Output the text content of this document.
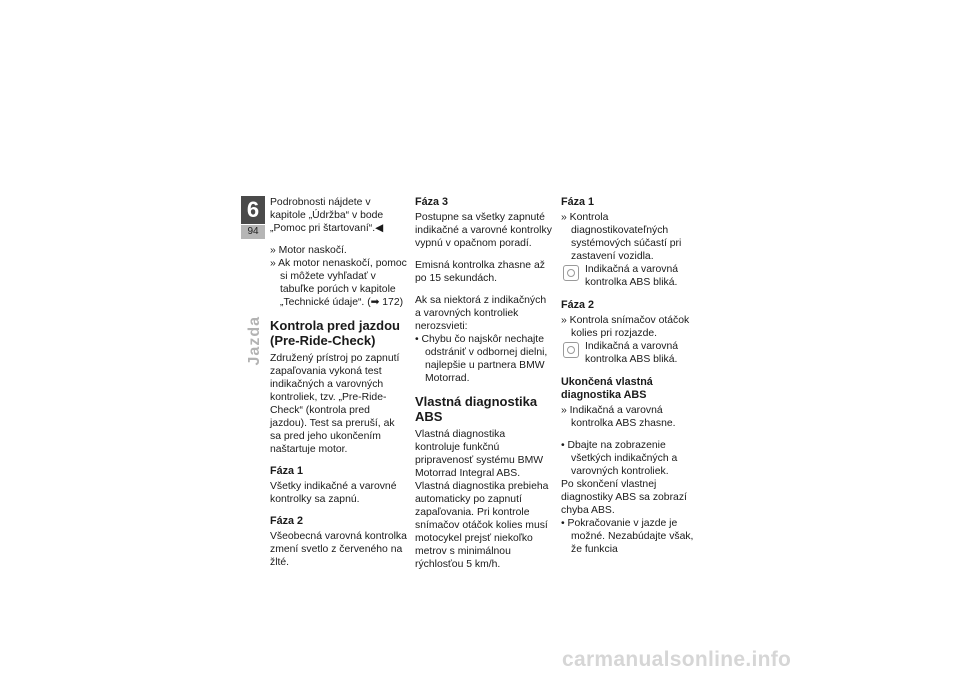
6
94
Jazda

Podrobnosti nájdete v kapitole „Údržba“ v bode „Pomoc pri štartovaní“.◀

» Motor naskočí.

» Ak motor nenaskočí, pomoc si môžete vyhľadať v tabuľke porúch v kapitole „Technické údaje“. (➡ 172)

Kontrola pred jazdou (Pre-Ride-Check)

Združený prístroj po zapnutí zapaľovania vykoná test indikačných a varovných kontroliek, tzv. „Pre-Ride-Check“ (kontrola pred jazdou). Test sa preruší, ak sa pred jeho ukončením naštartuje motor.

Fáza 1

Všetky indikačné a varovné kontrolky sa zapnú.

Fáza 2

Všeobecná varovná kontrolka zmení svetlo z červeného na žlté.

Fáza 3

Postupne sa všetky zapnuté indikačné a varovné kontrolky vypnú v opačnom poradí.

Emisná kontrolka zhasne až po 15 sekundách.

Ak sa niektorá z indikačných a varovných kontroliek nerozsvieti:

• Chybu čo najskôr nechajte odstrániť v odbornej dielni, najlepšie u partnera BMW Motorrad.

Vlastná diagnostika ABS

Vlastná diagnostika kontroluje funkčnú pripravenosť systému BMW Motorrad Integral ABS. Vlastná diagnostika prebieha automaticky po zapnutí zapaľovania. Pri kontrole snímačov otáčok kolies musí motocykel prejsť niekoľko metrov s minimálnou rýchlosťou 5 km/h.

Fáza 1

» Kontrola diagnostikovateľných systémových súčastí pri zastavení vozidla.

Indikačná a varovná kontrolka ABS bliká.
Fáza 2

» Kontrola snímačov otáčok kolies pri rozjazde.

Indikačná a varovná kontrolka ABS bliká.
Ukončená vlastná diagnostika ABS

» Indikačná a varovná kontrolka ABS zhasne.

• Dbajte na zobrazenie všetkých indikačných a varovných kontroliek.

Po skončení vlastnej diagnostiky ABS sa zobrazí chyba ABS.

• Pokračovanie v jazde je možné. Nezabúdajte však, že funkcia

carmanualsonline.info
